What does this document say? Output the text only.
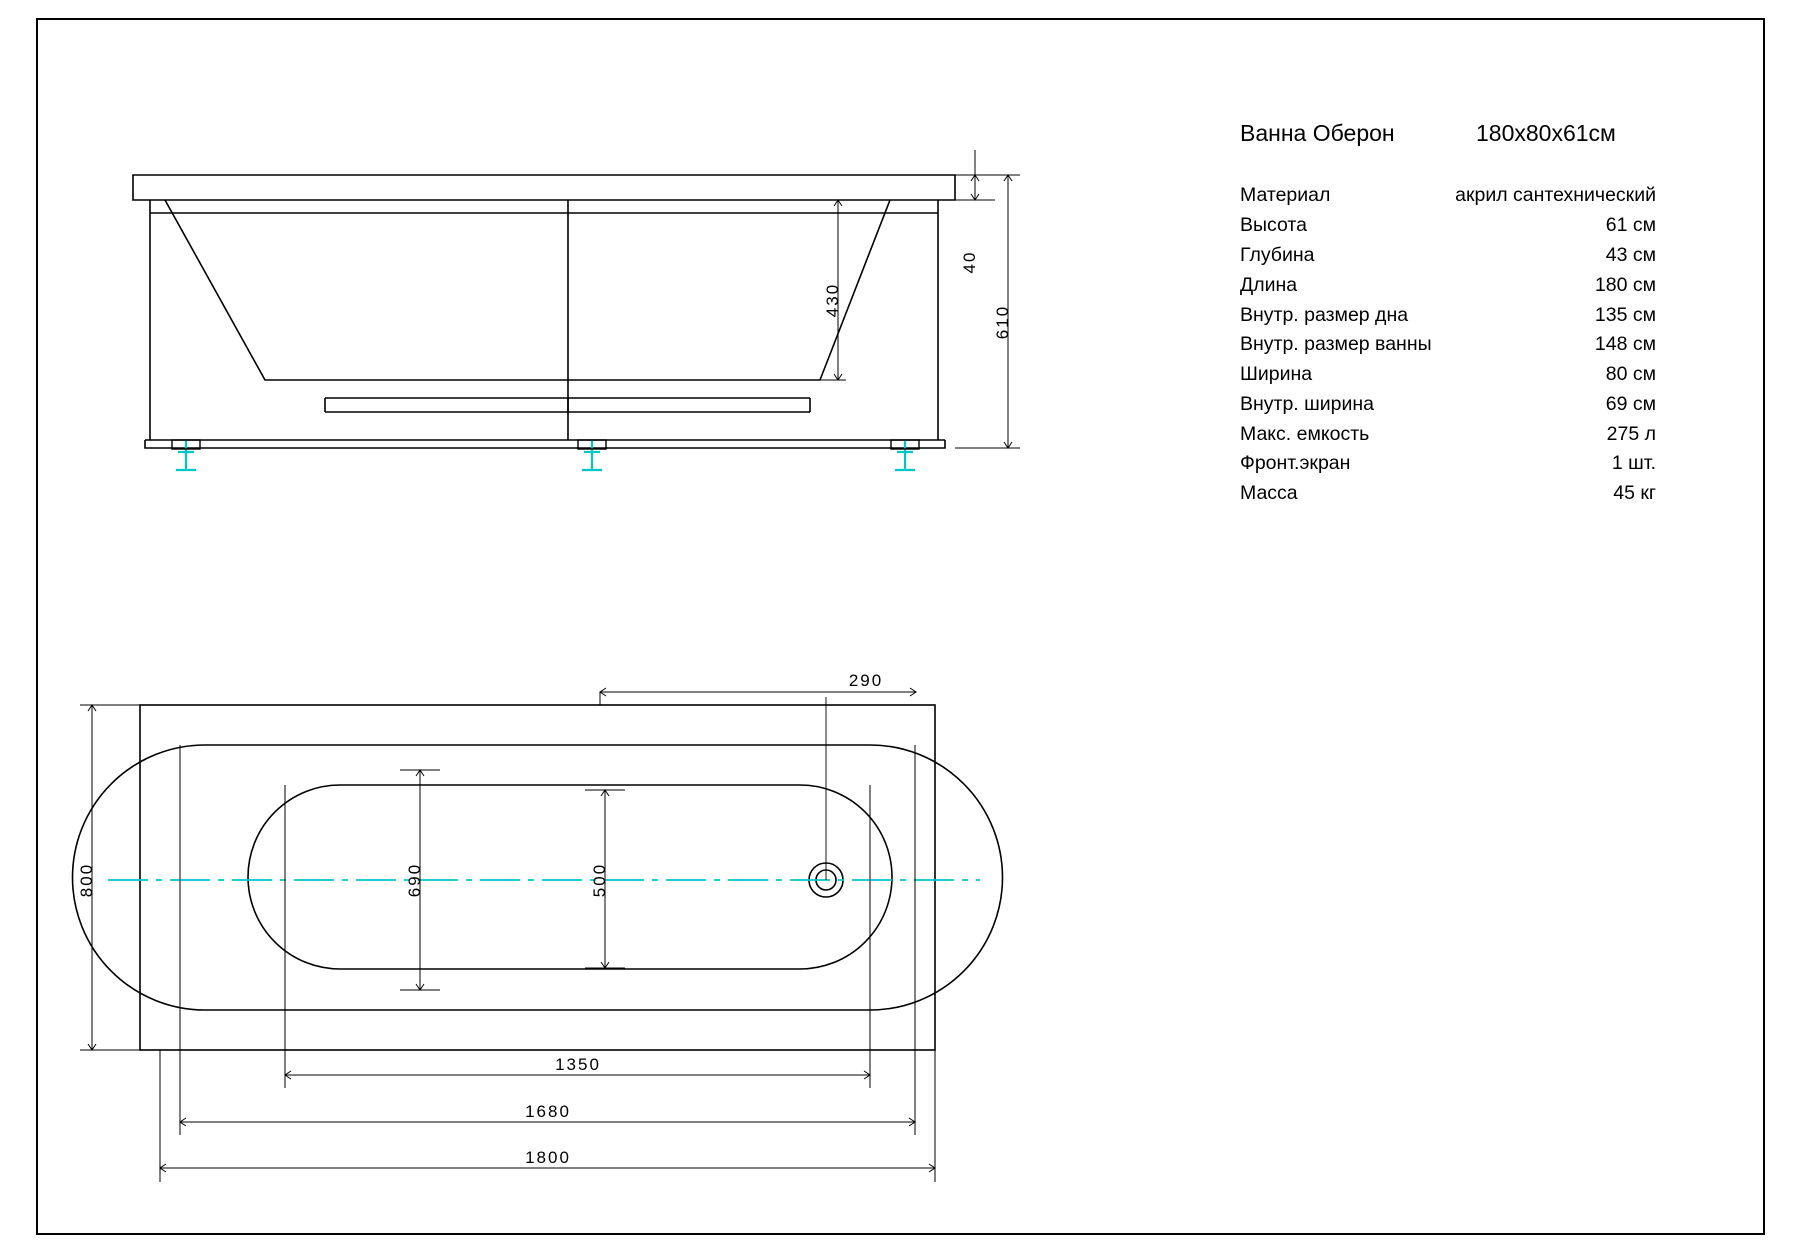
430
40
610
290
800	690	500
1350
1680
1800
Ванна Оберон	180x80x61см
Материал	акрил сантехнический
Высота	61 см
Глубина	43 см
Длина	180 см
Внутр. размер дна	135 см
Внутр. размер ванны	148 см
Ширина	80 см
Внутр. ширина	69 см
Макс. емкость	275 л
Фронт.экран	1 шт.
Масса	45 кг
